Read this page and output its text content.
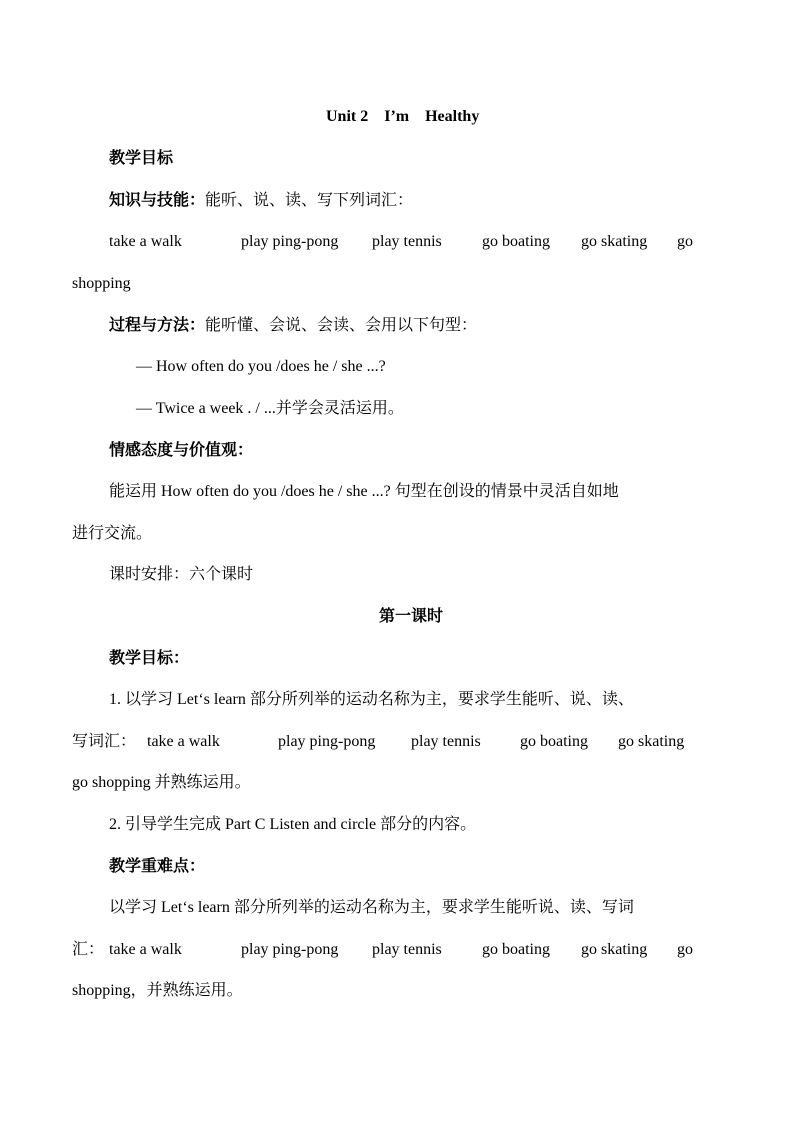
Unit 2    I’m    Healthy
教学目标
知识与技能：能听、说、读、写下列词汇：
take a walk	play ping-pong play tennis	go boating go skating go
shopping
过程与方法：能听懂、会说、会读、会用以下句型：
— How often do you /does he / she ...?
— Twice a week . / ...并学会灵活运用。
情感态度与价值观：
能运用 How often do you /does he / she ...? 句型在创设的情景中灵活自如地
进行交流。
课时安排：六个课时
第一课时
教学目标：
1. 以学习 Let‘s learn 部分所列举的运动名称为主，要求学生能听、说、读、
写词汇： take a walk	play ping-pong play tennis go boating go skating
go shopping 并熟练运用。
2. 引导学生完成 Part C Listen and circle 部分的内容。
教学重难点：
以学习 Let‘s learn 部分所列举的运动名称为主，要求学生能听说、读、写词
汇： take a walk	play ping-pong play tennis	go boating go skating go
shopping，并熟练运用。
